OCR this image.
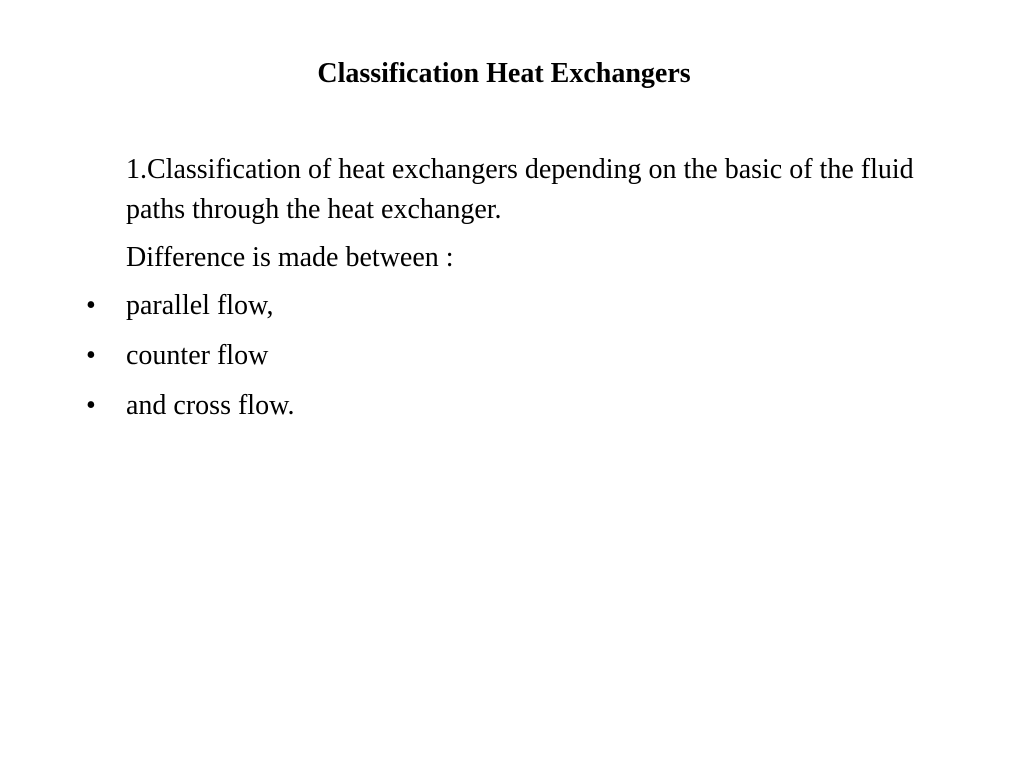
Classification Heat Exchangers

1.Classification of heat exchangers depending on the basic of the fluid paths through the heat exchanger.

Difference is made between :

•	parallel flow,
•	counter flow
•	and cross flow.
